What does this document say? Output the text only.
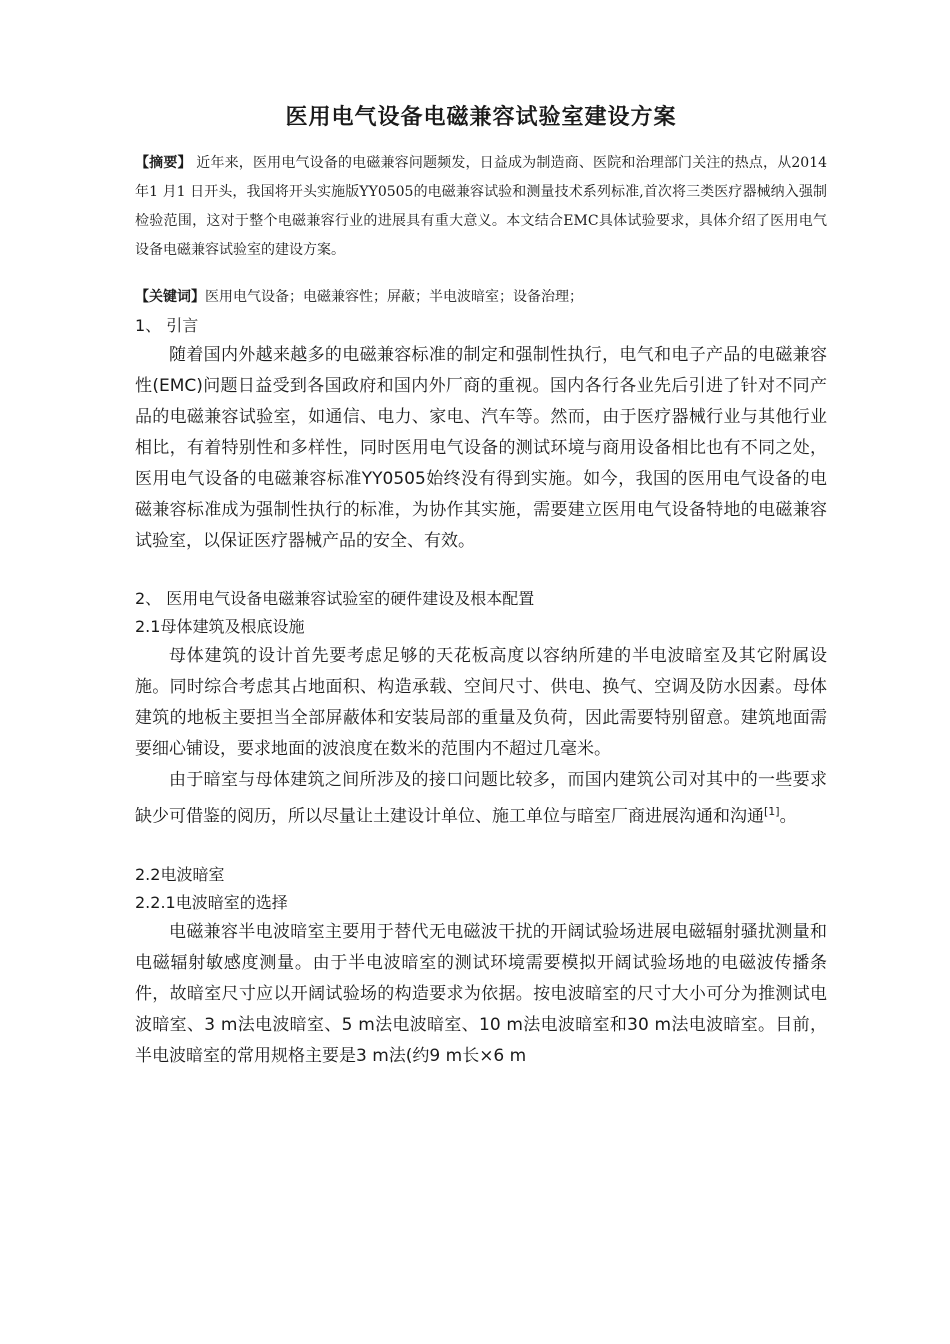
医用电气设备电磁兼容试验室建设方案

【摘要】 近年来，医用电气设备的电磁兼容问题频发，日益成为制造商、医院和治理部门关注的热点，从2014 年1 月1 日开头，我国将开头实施版YY0505的电磁兼容试验和测量技术系列标准,首次将三类医疗器械纳入强制检验范围，这对于整个电磁兼容行业的进展具有重大意义。本文结合EMC具体试验要求，具体介绍了医用电气设备电磁兼容试验室的建设方案。

【关键词】医用电气设备；电磁兼容性；屏蔽；半电波暗室；设备治理；

1、 引言

随着国内外越来越多的电磁兼容标准的制定和强制性执行，电气和电子产品的电磁兼容性(EMC)问题日益受到各国政府和国内外厂商的重视。国内各行各业先后引进了针对不同产品的电磁兼容试验室，如通信、电力、家电、汽车等。然而，由于医疗器械行业与其他行业相比，有着特别性和多样性，同时医用电气设备的测试环境与商用设备相比也有不同之处，医用电气设备的电磁兼容标准YY0505始终没有得到实施。如今，我国的医用电气设备的电磁兼容标准成为强制性执行的标准，为协作其实施，需要建立医用电气设备特地的电磁兼容试验室，以保证医疗器械产品的安全、有效。

2、 医用电气设备电磁兼容试验室的硬件建设及根本配置

2.1母体建筑及根底设施

母体建筑的设计首先要考虑足够的天花板高度以容纳所建的半电波暗室及其它附属设施。同时综合考虑其占地面积、构造承载、空间尺寸、供电、换气、空调及防水因素。母体建筑的地板主要担当全部屏蔽体和安装局部的重量及负荷，因此需要特别留意。建筑地面需要细心铺设，要求地面的波浪度在数米的范围内不超过几毫米。

由于暗室与母体建筑之间所涉及的接口问题比较多，而国内建筑公司对其中的一些要求缺少可借鉴的阅历，所以尽量让土建设计单位、施工单位与暗室厂商进展沟通和沟通[1]。

2.2电波暗室

2.2.1电波暗室的选择

电磁兼容半电波暗室主要用于替代无电磁波干扰的开阔试验场进展电磁辐射骚扰测量和电磁辐射敏感度测量。由于半电波暗室的测试环境需要模拟开阔试验场地的电磁波传播条件，故暗室尺寸应以开阔试验场的构造要求为依据。按电波暗室的尺寸大小可分为推测试电波暗室、3 m法电波暗室、5 m法电波暗室、10 m法电波暗室和30 m法电波暗室。目前，半电波暗室的常用规格主要是3 m法(约9 m长×6 m
